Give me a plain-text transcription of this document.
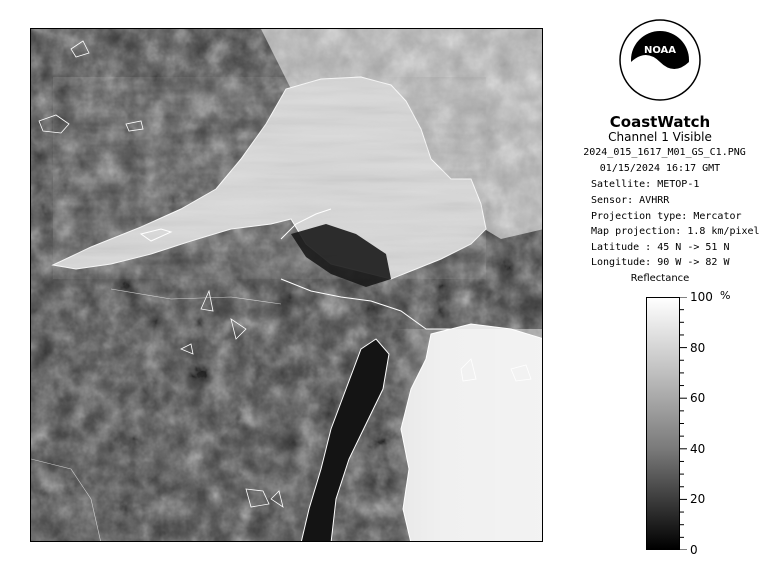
NOAA
CoastWatch
Channel 1 Visible
2024_015_1617_M01_GS_C1.PNG
01/15/2024 16:17 GMT
Satellite: METOP-1
Sensor: AVHRR
Projection type: Mercator
Map projection: 1.8 km/pixel
Latitude : 45 N -> 51 N
Longitude: 90 W -> 82 W
Reflectance
%
100
80
60
40
20
0
